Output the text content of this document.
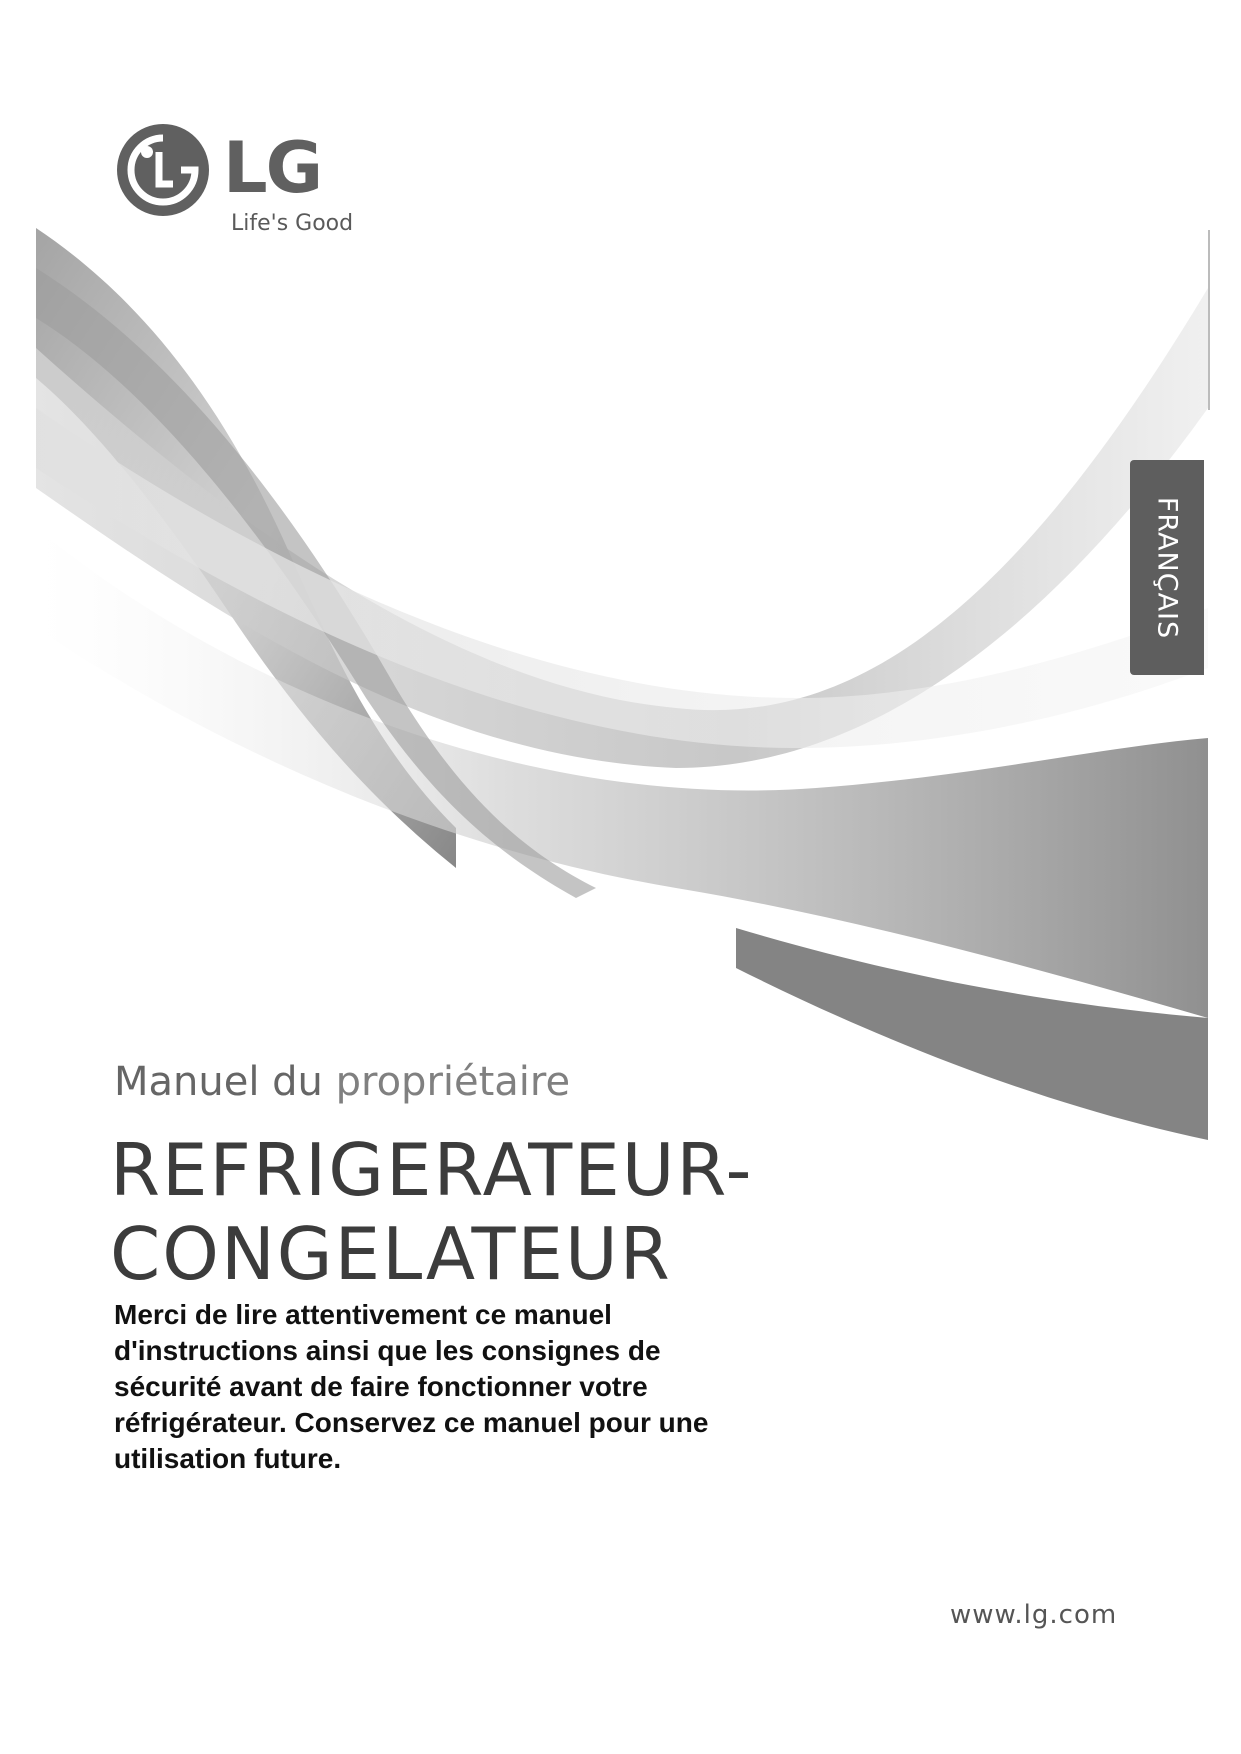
LG
Life's Good
FRANÇAIS
Manuel du propriétaire
REFRIGERATEUR-
CONGELATEUR
Merci de lire attentivement ce manuel d'instructions ainsi que les consignes de sécurité avant de faire fonctionner votre réfrigérateur. Conservez ce manuel pour une utilisation future.
www.lg.com
